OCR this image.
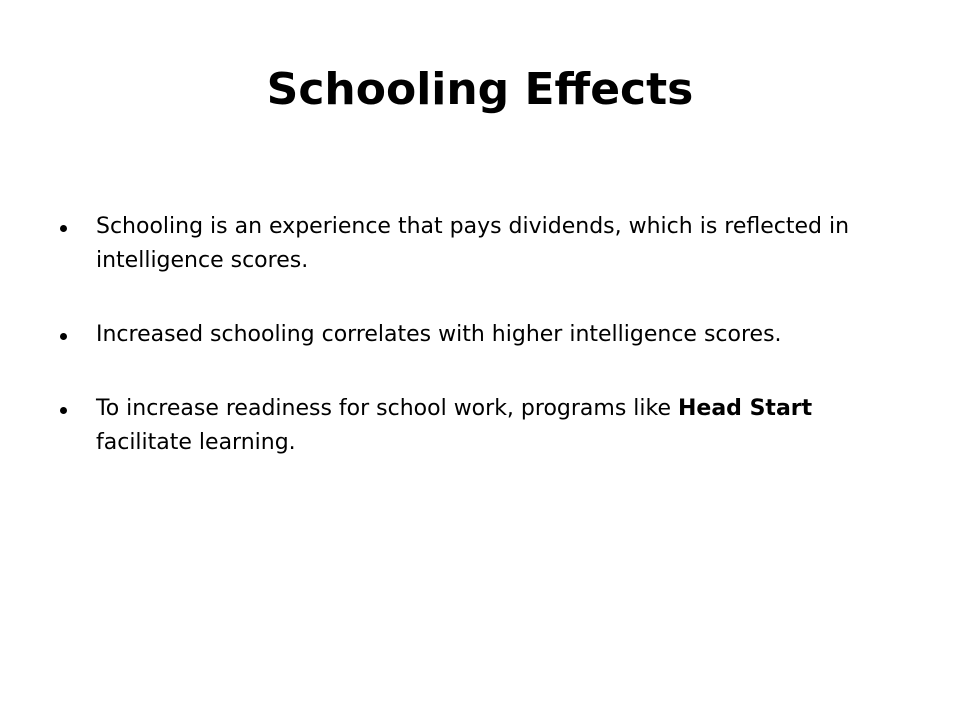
Schooling Effects
Schooling is an experience that pays dividends, which is reflected in intelligence scores.
Increased schooling correlates with higher intelligence scores.
To increase readiness for school work, programs like Head Start facilitate learning.
